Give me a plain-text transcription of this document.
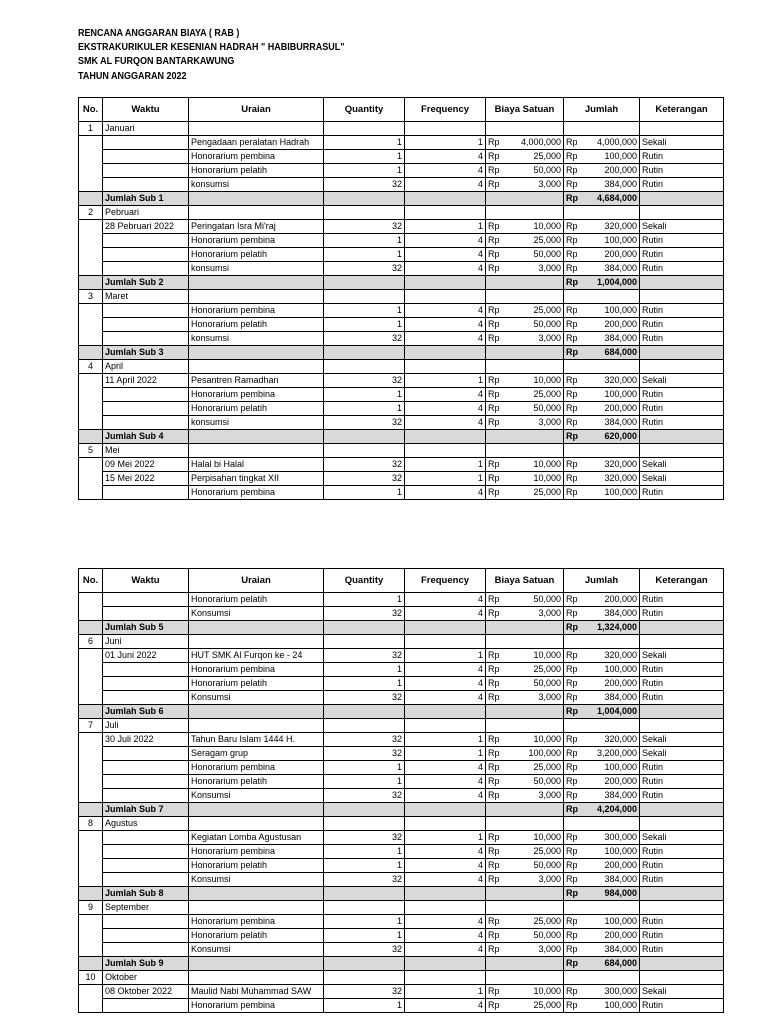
RENCANA ANGGARAN BIAYA ( RAB )
EKSTRAKURIKULER KESENIAN HADRAH " HABIBURRASUL"
SMK AL FURQON BANTARKAWUNG
TAHUN ANGGARAN 2022
No.	Waktu	Uraian	Quantity	Frequency	Biaya Satuan		Jumlah		Keterangan
1	Januari								
		Pengadaan peralatan Hadrah	1	1	Rp	4,000,000	Rp	4,000,000	Sekali
		Honorarium pembina	1	4	Rp	25,000	Rp	100,000	Rutin
		Honorarium pelatih	1	4	Rp	50,000	Rp	200,000	Rutin
		konsumsi	32	4	Rp	3,000	Rp	384,000	Rutin
	Jumlah Sub 1						Rp	4,684,000	
2	Pebruari								
	28 Pebruari 2022	Peringatan Isra Mi'raj	32	1	Rp	10,000	Rp	320,000	Sekali
		Honorarium pembina	1	4	Rp	25,000	Rp	100,000	Rutin
		Honorarium pelatih	1	4	Rp	50,000	Rp	200,000	Rutin
		konsumsi	32	4	Rp	3,000	Rp	384,000	Rutin
	Jumlah Sub 2						Rp	1,004,000	
3	Maret								
		Honorarium pembina	1	4	Rp	25,000	Rp	100,000	Rutin
		Honorarium pelatih	1	4	Rp	50,000	Rp	200,000	Rutin
		konsumsi	32	4	Rp	3,000	Rp	384,000	Rutin
	Jumlah Sub 3						Rp	684,000	
4	April								
	11 April 2022	Pesantren Ramadhan	32	1	Rp	10,000	Rp	320,000	Sekali
		Honorarium pembina	1	4	Rp	25,000	Rp	100,000	Rutin
		Honorarium pelatih	1	4	Rp	50,000	Rp	200,000	Rutin
		konsumsi	32	4	Rp	3,000	Rp	384,000	Rutin
	Jumlah Sub 4						Rp	620,000	
5	Mei								
	09 Mei 2022	Halal bi Halal	32	1	Rp	10,000	Rp	320,000	Sekali
	15 Mei 2022	Perpisahan tingkat XII	32	1	Rp	10,000	Rp	320,000	Sekali
		Honorarium pembina	1	4	Rp	25,000	Rp	100,000	Rutin
No.	Waktu	Uraian	Quantity	Frequency	Biaya Satuan		Jumlah		Keterangan
		Honorarium pelatih	1	4	Rp	50,000	Rp	200,000	Rutin
		Konsumsi	32	4	Rp	3,000	Rp	384,000	Rutin
	Jumlah Sub 5						Rp	1,324,000	
6	Juni								
	01 Juni 2022	HUT SMK Al Furqon ke - 24	32	1	Rp	10,000	Rp	320,000	Sekali
		Honorarium pembina	1	4	Rp	25,000	Rp	100,000	Rutin
		Honorarium pelatih	1	4	Rp	50,000	Rp	200,000	Rutin
		Konsumsi	32	4	Rp	3,000	Rp	384,000	Rutin
	Jumlah Sub 6						Rp	1,004,000	
7	Juli								
	30 Juli 2022	Tahun Baru Islam 1444 H.	32	1	Rp	10,000	Rp	320,000	Sekali
		Seragam grup	32	1	Rp	100,000	Rp	3,200,000	Sekali
		Honorarium pembina	1	4	Rp	25,000	Rp	100,000	Rutin
		Honorarium pelatih	1	4	Rp	50,000	Rp	200,000	Rutin
		Konsumsi	32	4	Rp	3,000	Rp	384,000	Rutin
	Jumlah Sub 7						Rp	4,204,000	
8	Agustus								
		Kegiatan Lomba Agustusan	32	1	Rp	10,000	Rp	300,000	Sekali
		Honorarium pembina	1	4	Rp	25,000	Rp	100,000	Rutin
		Honorarium pelatih	1	4	Rp	50,000	Rp	200,000	Rutin
		Konsumsi	32	4	Rp	3,000	Rp	384,000	Rutin
	Jumlah Sub 8						Rp	984,000	
9	September								
		Honorarium pembina	1	4	Rp	25,000	Rp	100,000	Rutin
		Honorarium pelatih	1	4	Rp	50,000	Rp	200,000	Rutin
		Konsumsi	32	4	Rp	3,000	Rp	384,000	Rutin
	Jumlah Sub 9						Rp	684,000	
10	Oktober								
	08 Oktober 2022	Maulid Nabi Muhammad SAW	32	1	Rp	10,000	Rp	300,000	Sekali
		Honorarium pembina	1	4	Rp	25,000	Rp	100,000	Rutin
